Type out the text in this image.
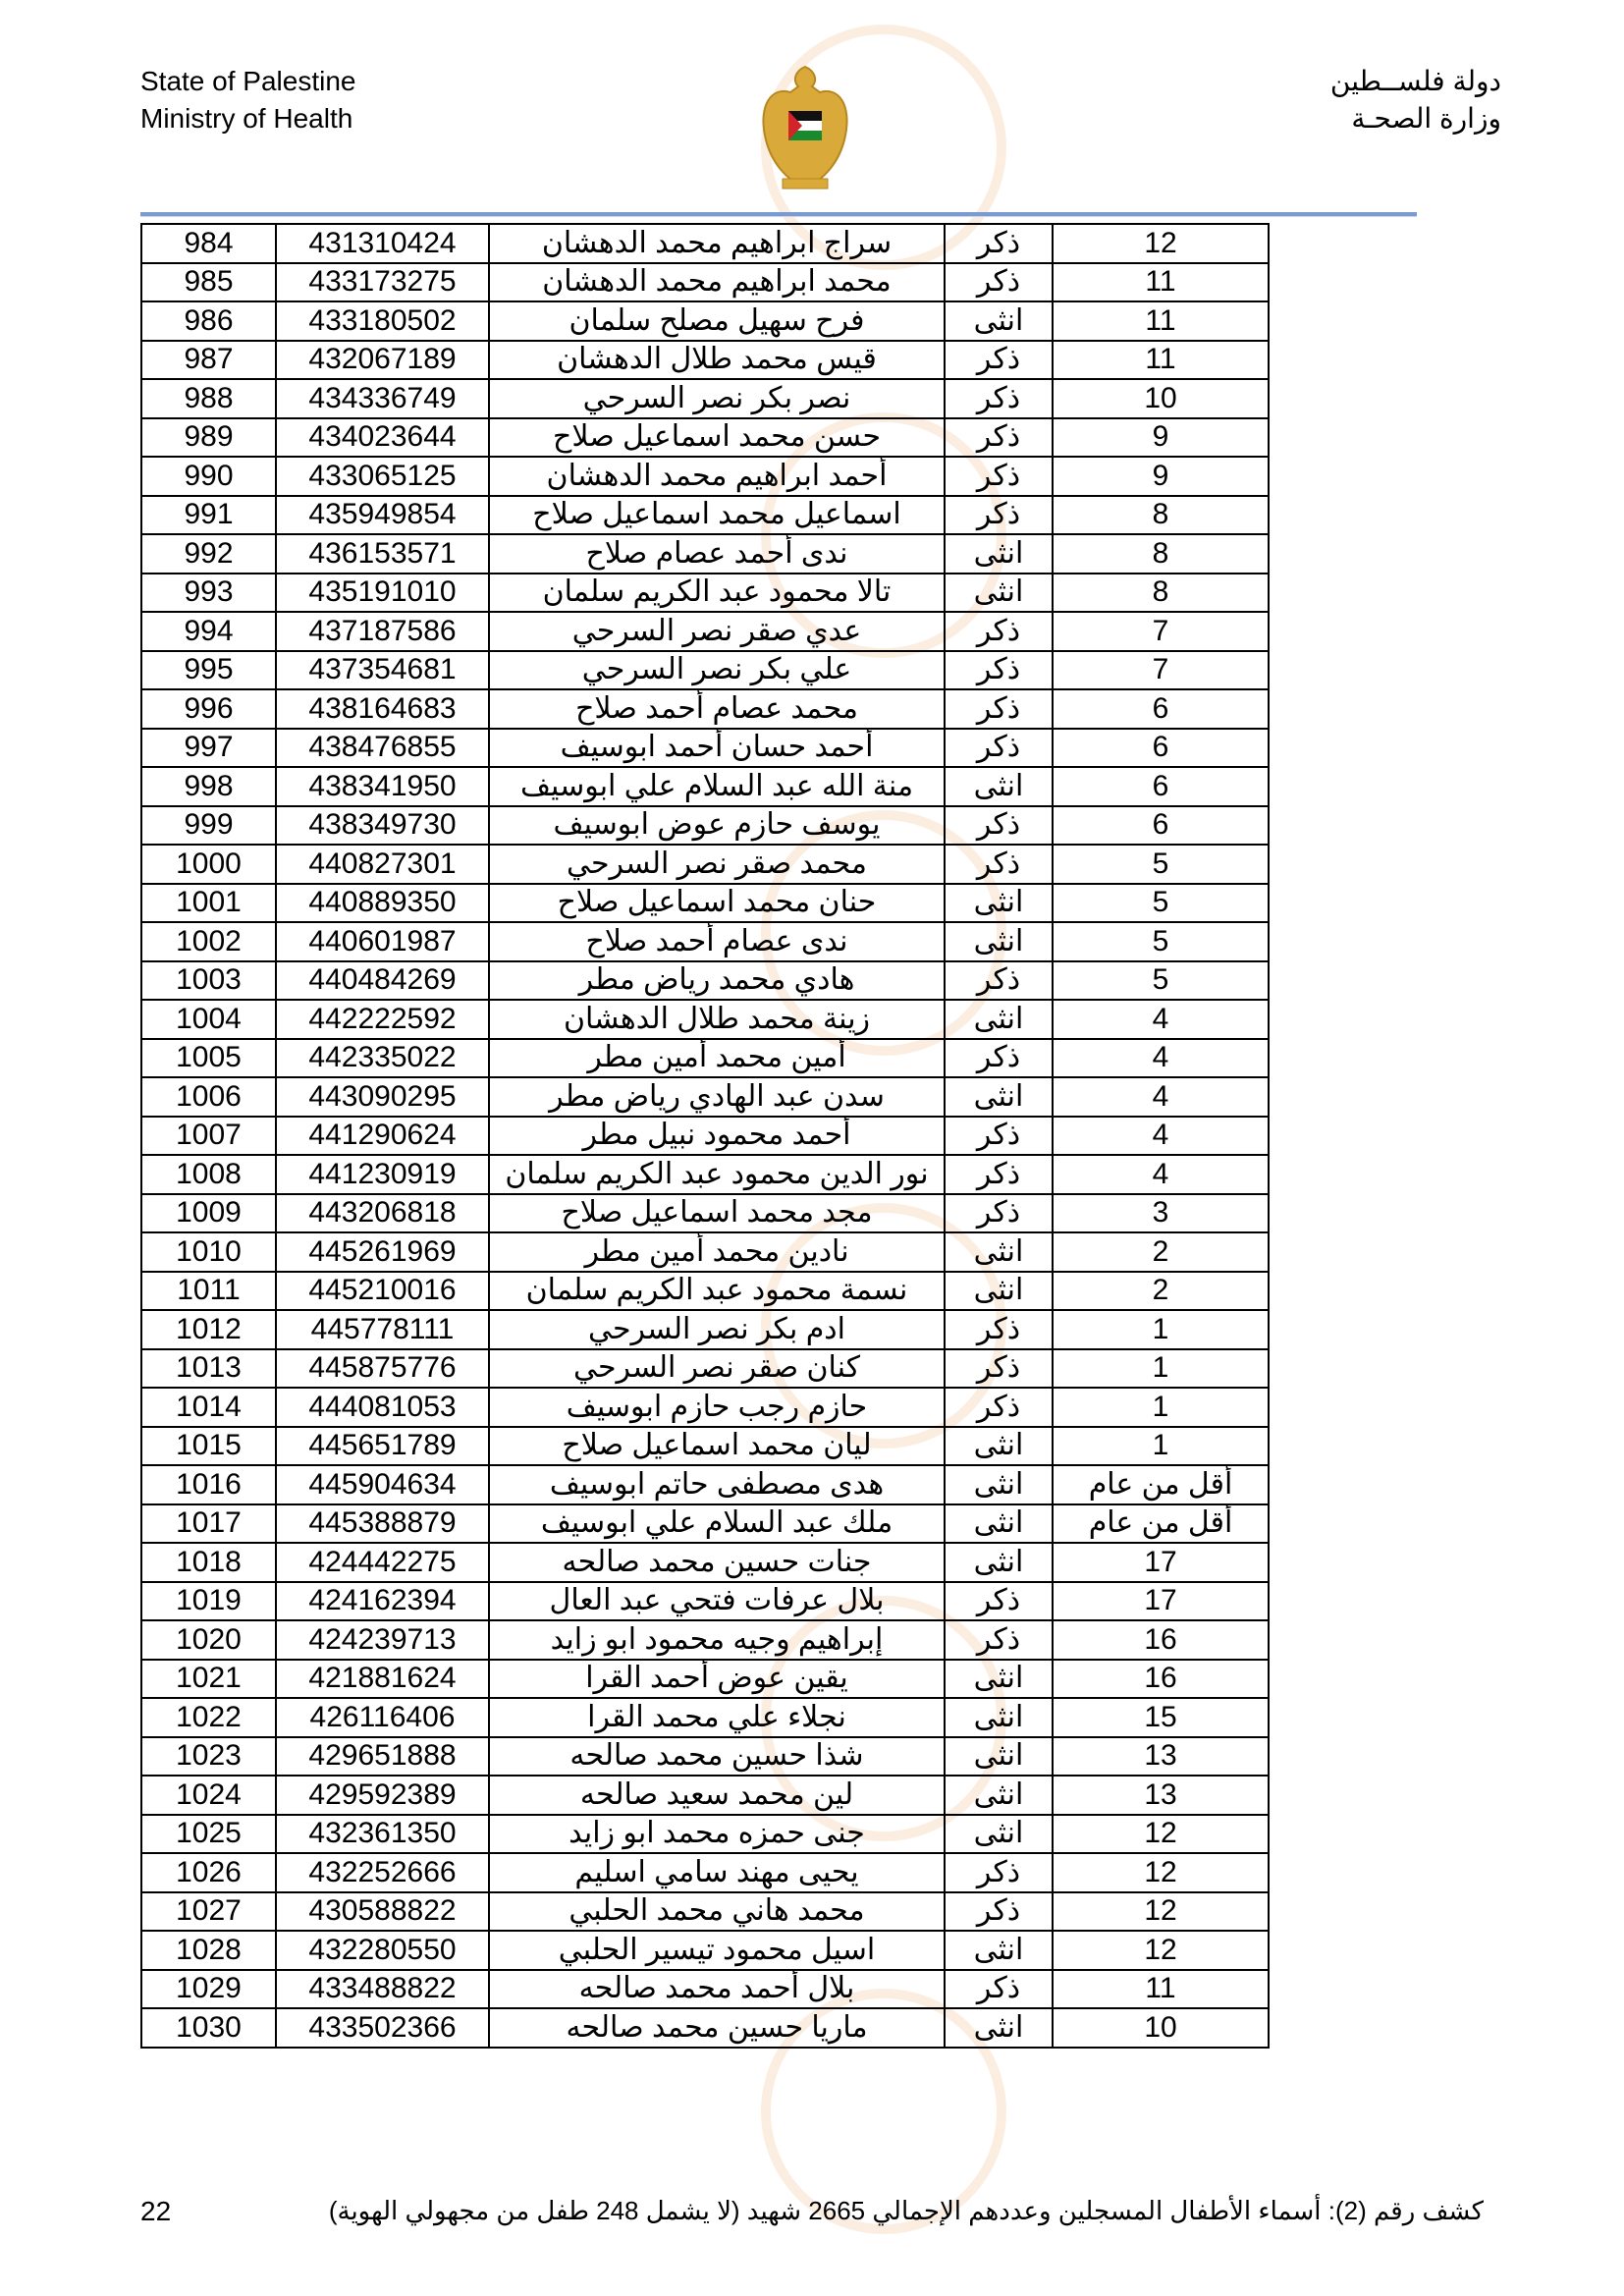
State of Palestine
Ministry of Health
دولة فلســطين
وزارة الصحـة
984	431310424	سراج ابراهيم محمد الدهشان	ذكر	12
985	433173275	محمد ابراهيم محمد الدهشان	ذكر	11
986	433180502	فرح سهيل مصلح سلمان	انثى	11
987	432067189	قيس محمد طلال الدهشان	ذكر	11
988	434336749	نصر بكر نصر السرحي	ذكر	10
989	434023644	حسن محمد اسماعيل صلاح	ذكر	9
990	433065125	أحمد ابراهيم محمد الدهشان	ذكر	9
991	435949854	اسماعيل محمد اسماعيل صلاح	ذكر	8
992	436153571	ندى أحمد عصام صلاح	انثى	8
993	435191010	تالا محمود عبد الكريم سلمان	انثى	8
994	437187586	عدي صقر نصر السرحي	ذكر	7
995	437354681	علي بكر نصر السرحي	ذكر	7
996	438164683	محمد عصام أحمد صلاح	ذكر	6
997	438476855	أحمد حسان أحمد ابوسيف	ذكر	6
998	438341950	منة الله عبد السلام علي ابوسيف	انثى	6
999	438349730	يوسف حازم عوض ابوسيف	ذكر	6
1000	440827301	محمد صقر نصر السرحي	ذكر	5
1001	440889350	حنان محمد اسماعيل صلاح	انثى	5
1002	440601987	ندى عصام أحمد صلاح	انثى	5
1003	440484269	هادي محمد رياض مطر	ذكر	5
1004	442222592	زينة محمد طلال الدهشان	انثى	4
1005	442335022	أمين محمد أمين مطر	ذكر	4
1006	443090295	سدن عبد الهادي رياض مطر	انثى	4
1007	441290624	أحمد محمود نبيل مطر	ذكر	4
1008	441230919	نور الدين محمود عبد الكريم سلمان	ذكر	4
1009	443206818	مجد محمد اسماعيل صلاح	ذكر	3
1010	445261969	نادين محمد أمين مطر	انثى	2
1011	445210016	نسمة محمود عبد الكريم سلمان	انثى	2
1012	445778111	ادم بكر نصر السرحي	ذكر	1
1013	445875776	كنان صقر نصر السرحي	ذكر	1
1014	444081053	حازم رجب حازم ابوسيف	ذكر	1
1015	445651789	ليان محمد اسماعيل صلاح	انثى	1
1016	445904634	هدى مصطفى حاتم ابوسيف	انثى	أقل من عام
1017	445388879	ملك عبد السلام علي ابوسيف	انثى	أقل من عام
1018	424442275	جنات حسين محمد صالحه	انثى	17
1019	424162394	بلال عرفات فتحي عبد العال	ذكر	17
1020	424239713	إبراهيم وجيه محمود ابو زايد	ذكر	16
1021	421881624	يقين عوض أحمد القرا	انثى	16
1022	426116406	نجلاء علي محمد القرا	انثى	15
1023	429651888	شذا حسين محمد صالحه	انثى	13
1024	429592389	لين محمد سعيد صالحه	انثى	13
1025	432361350	جنى حمزه محمد ابو زايد	انثى	12
1026	432252666	يحيى مهند سامي اسليم	ذكر	12
1027	430588822	محمد هاني محمد الحلبي	ذكر	12
1028	432280550	اسيل محمود تيسير الحلبي	انثى	12
1029	433488822	بلال أحمد محمد صالحه	ذكر	11
1030	433502366	ماريا حسين محمد صالحه	انثى	10
كشف رقم (2): أسماء الأطفال المسجلين وعددهم الإجمالي 2665 شهيد (لا يشمل 248 طفل من مجهولي الهوية)
22
